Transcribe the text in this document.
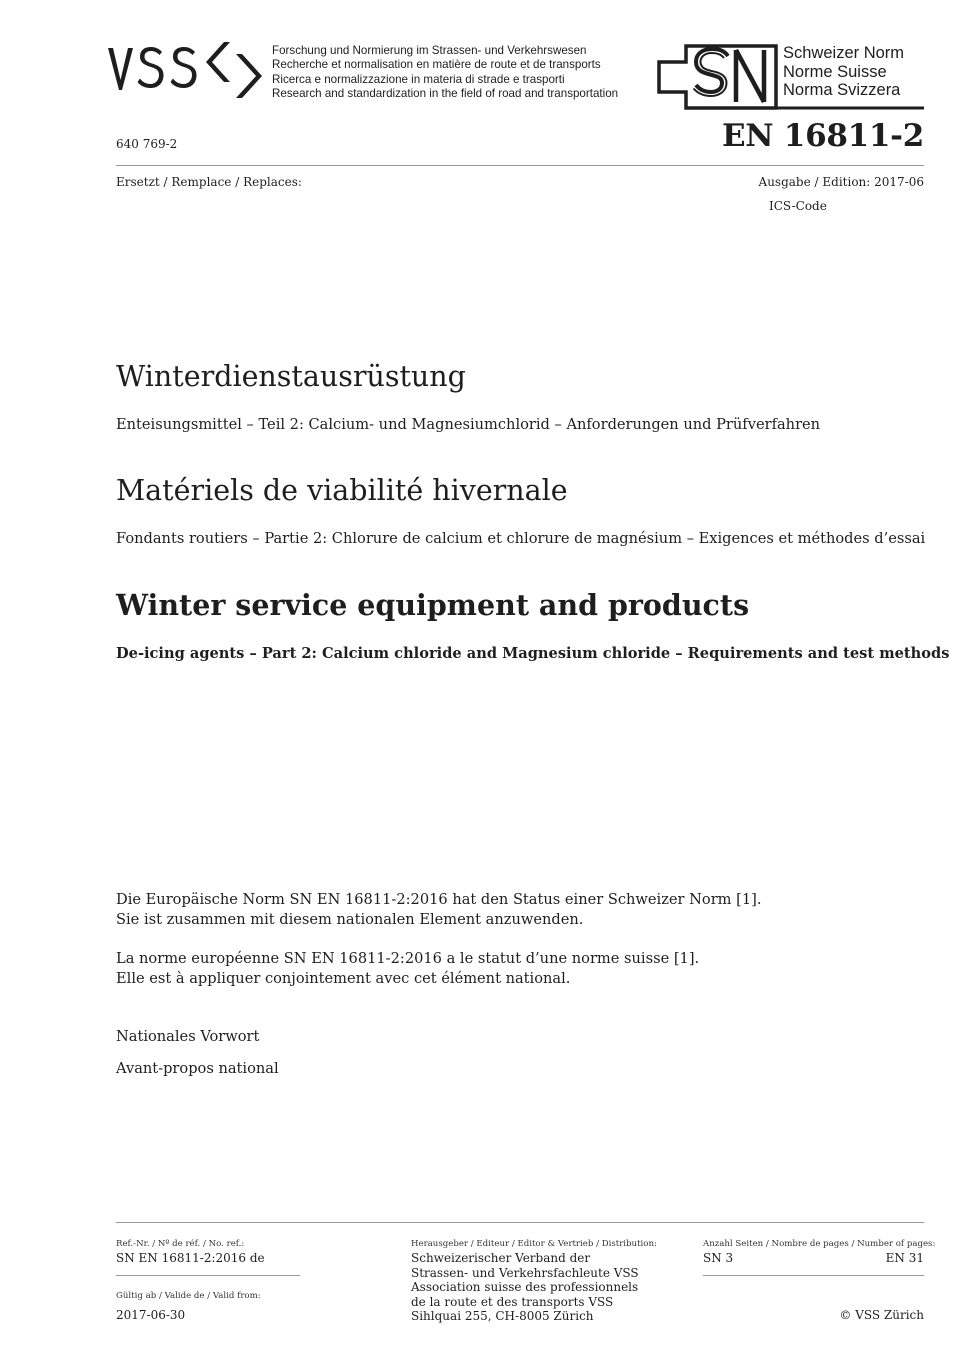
Forschung und Normierung im Strassen- und Verkehrswesen
Recherche et normalisation en matière de route et de transports
Ricerca e normalizzazione in materia di strade e trasporti
Research and standardization in the field of road and transportation
Schweizer Norm
Norme Suisse
Norma Svizzera
640 769-2	EN 16811-2
Ersetzt / Remplace / Replaces:	Ausgabe / Edition: 2017-06
ICS-Code
Winterdienstausrüstung
Enteisungsmittel – Teil 2: Calcium- und Magnesiumchlorid – Anforderungen und Prüfverfahren
Matériels de viabilité hivernale
Fondants routiers – Partie 2: Chlorure de calcium et chlorure de magnésium – Exigences et méthodes d’essai
Winter service equipment and products
De-icing agents – Part 2: Calcium chloride and Magnesium chloride – Requirements and test methods
Die Europäische Norm SN EN 16811-2:2016 hat den Status einer Schweizer Norm [1].
Sie ist zusammen mit diesem nationalen Element anzuwenden.
La norme européenne SN EN 16811-2:2016 a le statut d’une norme suisse [1].
Elle est à appliquer conjointement avec cet élément national.
Nationales Vorwort
Avant-propos national
Ref.-Nr. / Nº de réf. / No. ref.:
SN EN 16811-2:2016 de
Gültig ab / Valide de / Valid from:
2017-06-30
Herausgeber / Editeur / Editor & Vertrieb / Distribution:
Schweizerischer Verband der
Strassen- und Verkehrsfachleute VSS
Association suisse des professionnels
de la route et des transports VSS
Sihlquai 255, CH-8005 Zürich
Anzahl Seiten / Nombre de pages / Number of pages:
SN 3	EN 31
© VSS Zürich
